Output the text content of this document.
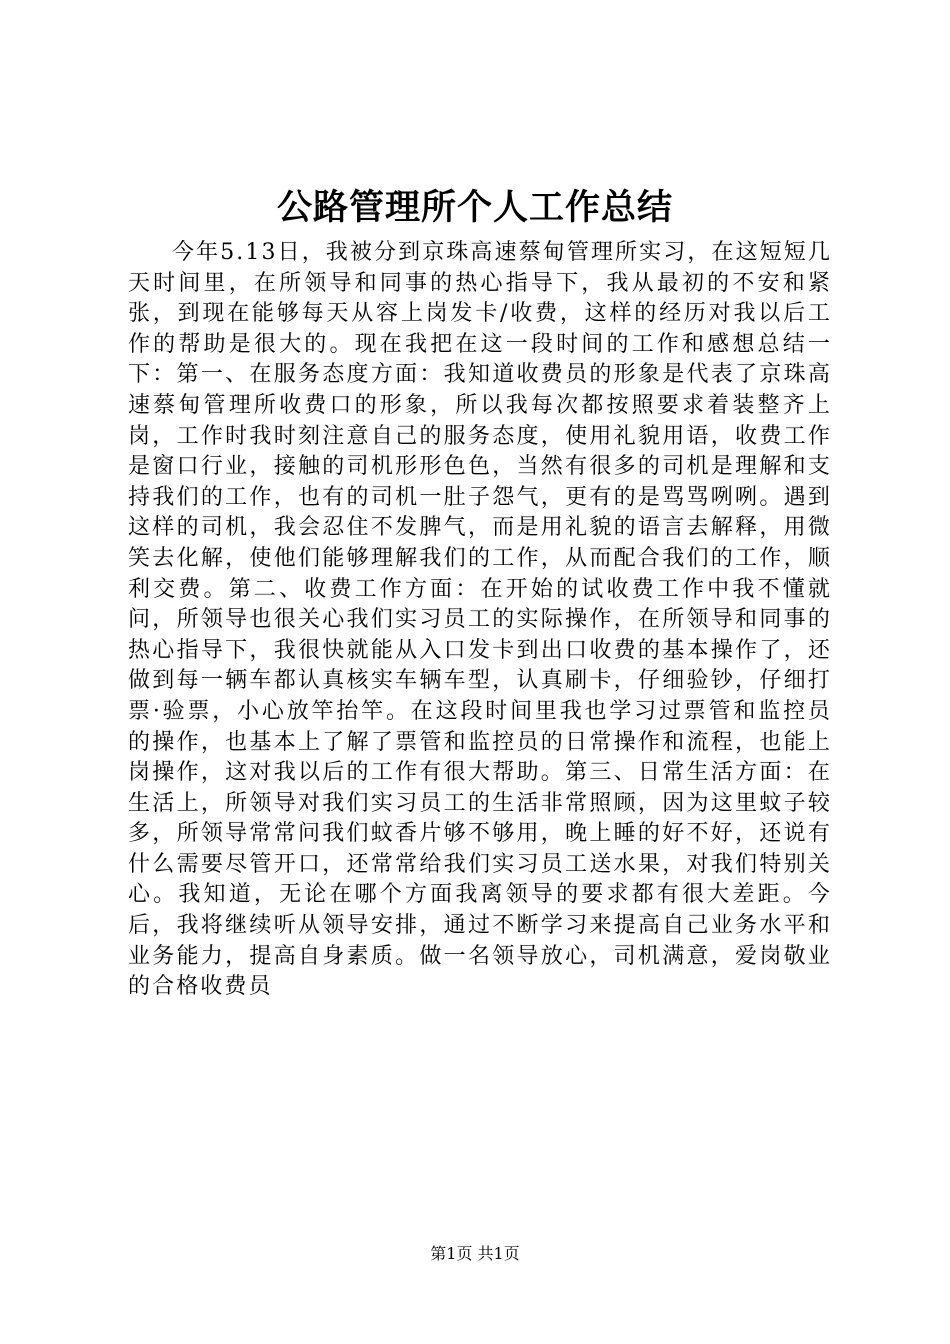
公路管理所个人工作总结

今年5.13日，我被分到京珠高速蔡甸管理所实习，在这短短几天时间里，在所领导和同事的热心指导下，我从最初的不安和紧张，到现在能够每天从容上岗发卡/收费，这样的经历对我以后工作的帮助是很大的。现在我把在这一段时间的工作和感想总结一下：第一、在服务态度方面：我知道收费员的形象是代表了京珠高速蔡甸管理所收费口的形象，所以我每次都按照要求着装整齐上岗，工作时我时刻注意自己的服务态度，使用礼貌用语，收费工作是窗口行业，接触的司机形形色色，当然有很多的司机是理解和支持我们的工作，也有的司机一肚子怨气，更有的是骂骂咧咧。遇到这样的司机，我会忍住不发脾气，而是用礼貌的语言去解释，用微笑去化解，使他们能够理解我们的工作，从而配合我们的工作，顺利交费。第二、收费工作方面：在开始的试收费工作中我不懂就问，所领导也很关心我们实习员工的实际操作，在所领导和同事的热心指导下，我很快就能从入口发卡到出口收费的基本操作了，还做到每一辆车都认真核实车辆车型，认真刷卡，仔细验钞，仔细打票·验票，小心放竿抬竿。在这段时间里我也学习过票管和监控员的操作，也基本上了解了票管和监控员的日常操作和流程，也能上岗操作，这对我以后的工作有很大帮助。第三、日常生活方面：在生活上，所领导对我们实习员工的生活非常照顾，因为这里蚊子较多，所领导常常问我们蚊香片够不够用，晚上睡的好不好，还说有什么需要尽管开口，还常常给我们实习员工送水果，对我们特别关心。我知道，无论在哪个方面我离领导的要求都有很大差距。今后，我将继续听从领导安排，通过不断学习来提高自己业务水平和业务能力，提高自身素质。做一名领导放心，司机满意，爱岗敬业的合格收费员

第1页 共1页
